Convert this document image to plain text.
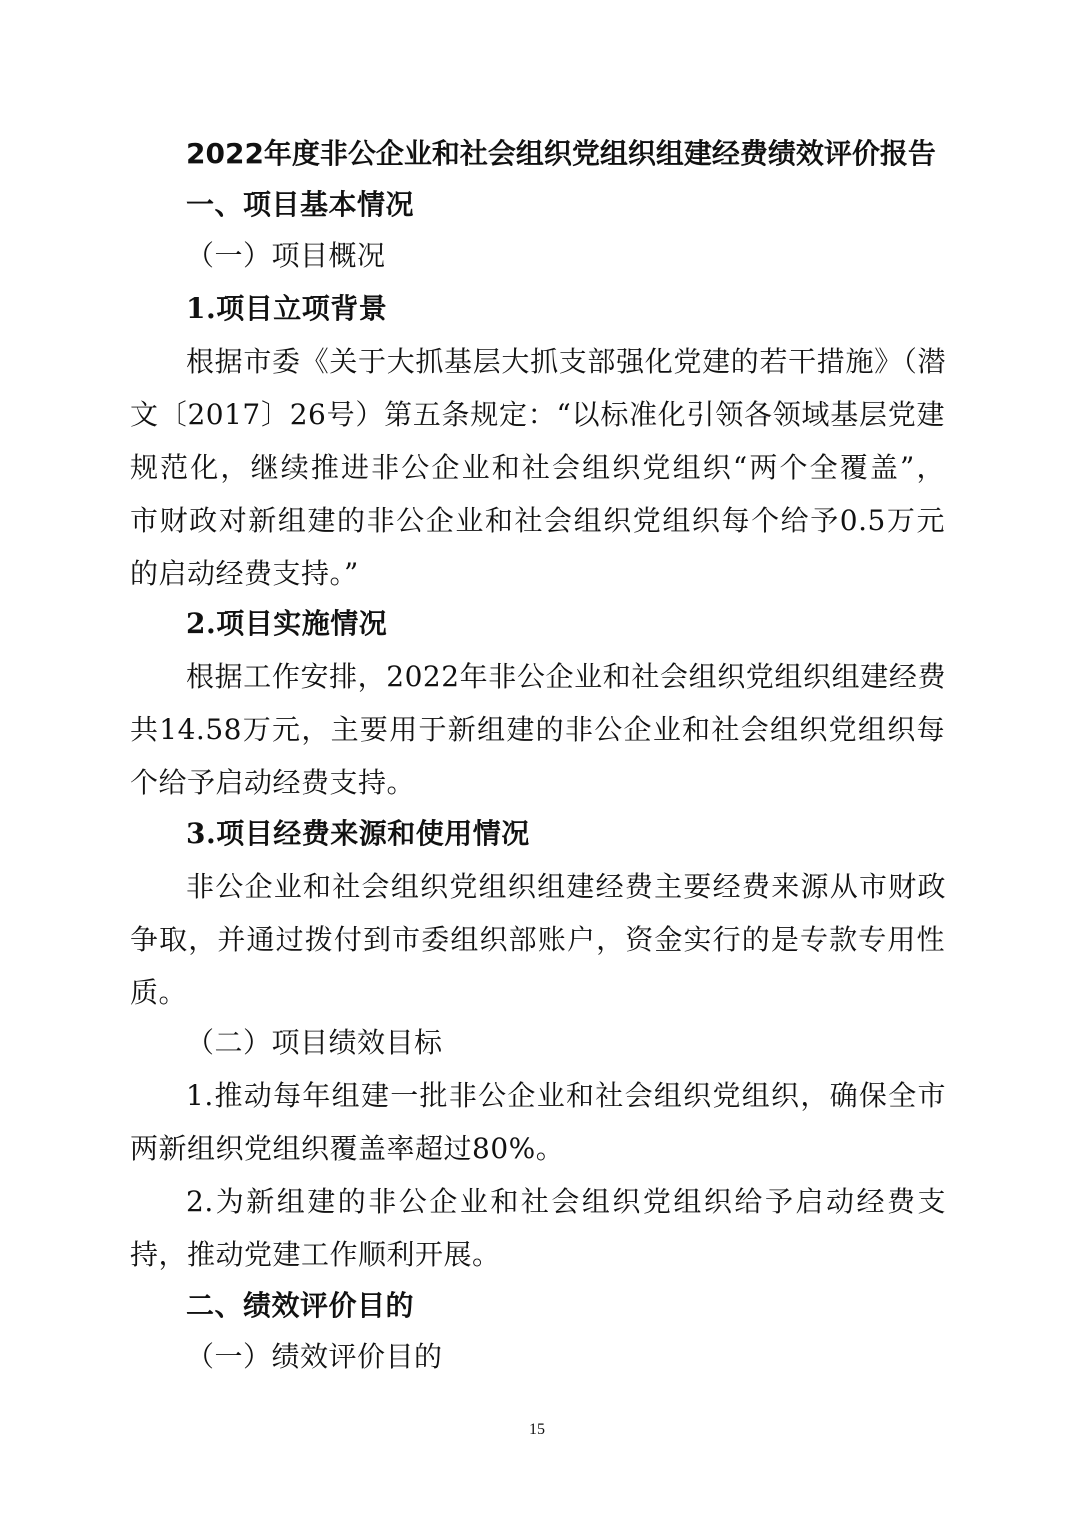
2022年度非公企业和社会组织党组织组建经费绩效评价报告
一、项目基本情况
（一）项目概况
1.项目立项背景
根据市委《关于大抓基层大抓支部强化党建的若干措施》（潜
文〔2017〕26号）第五条规定：“以标准化引领各领域基层党建
规范化，继续推进非公企业和社会组织党组织“两个全覆盖”，
市财政对新组建的非公企业和社会组织党组织每个给予0.5万元
的启动经费支持。”
2.项目实施情况
根据工作安排，2022年非公企业和社会组织党组织组建经费
共14.58万元，主要用于新组建的非公企业和社会组织党组织每
个给予启动经费支持。
3.项目经费来源和使用情况
非公企业和社会组织党组织组建经费主要经费来源从市财政
争取，并通过拨付到市委组织部账户，资金实行的是专款专用性
质。
（二）项目绩效目标
1.推动每年组建一批非公企业和社会组织党组织，确保全市
两新组织党组织覆盖率超过80%。
2.为新组建的非公企业和社会组织党组织给予启动经费支
持，推动党建工作顺利开展。
二、绩效评价目的
（一）绩效评价目的
15
